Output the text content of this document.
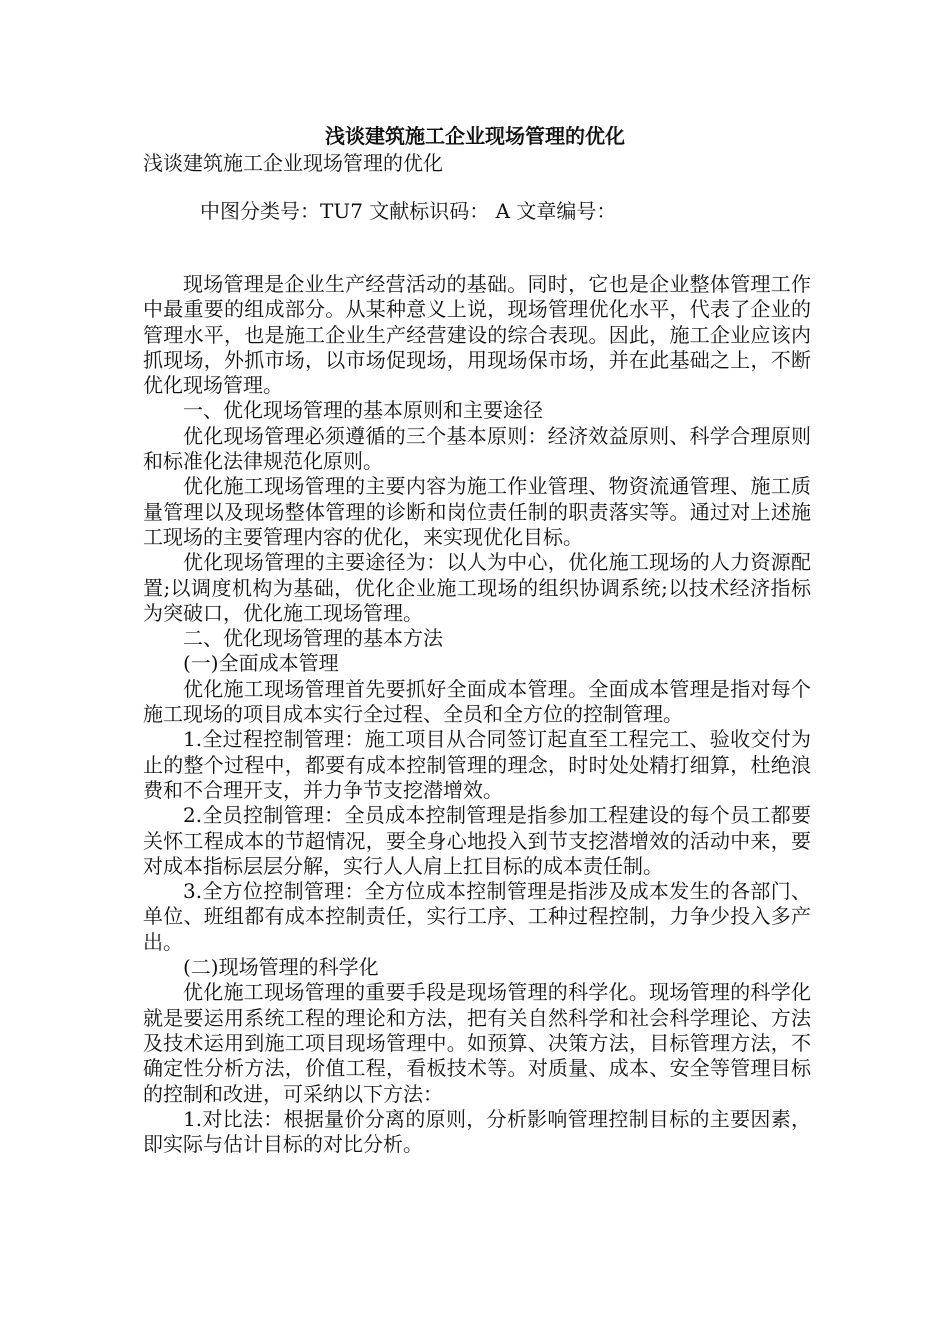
浅谈建筑施工企业现场管理的优化
浅谈建筑施工企业现场管理的优化
中图分类号：TU7 文献标识码： A 文章编号：

现场管理是企业生产经营活动的基础。同时，它也是企业整体管理工作中最重要的组成部分。从某种意义上说，现场管理优化水平，代表了企业的管理水平，也是施工企业生产经营建设的综合表现。因此，施工企业应该内抓现场，外抓市场，以市场促现场，用现场保市场，并在此基础之上，不断优化现场管理。

一、优化现场管理的基本原则和主要途径

优化现场管理必须遵循的三个基本原则：经济效益原则、科学合理原则和标准化法律规范化原则。

优化施工现场管理的主要内容为施工作业管理、物资流通管理、施工质量管理以及现场整体管理的诊断和岗位责任制的职责落实等。通过对上述施工现场的主要管理内容的优化，来实现优化目标。

优化现场管理的主要途径为：以人为中心，优化施工现场的人力资源配置;以调度机构为基础，优化企业施工现场的组织协调系统;以技术经济指标为突破口，优化施工现场管理。

二、优化现场管理的基本方法

(一)全面成本管理

优化施工现场管理首先要抓好全面成本管理。全面成本管理是指对每个施工现场的项目成本实行全过程、全员和全方位的控制管理。

1.全过程控制管理：施工项目从合同签订起直至工程完工、验收交付为止的整个过程中，都要有成本控制管理的理念，时时处处精打细算，杜绝浪费和不合理开支，并力争节支挖潜增效。

2.全员控制管理：全员成本控制管理是指参加工程建设的每个员工都要关怀工程成本的节超情况，要全身心地投入到节支挖潜增效的活动中来，要对成本指标层层分解，实行人人肩上扛目标的成本责任制。

3.全方位控制管理：全方位成本控制管理是指涉及成本发生的各部门、单位、班组都有成本控制责任，实行工序、工种过程控制，力争少投入多产出。

(二)现场管理的科学化

优化施工现场管理的重要手段是现场管理的科学化。现场管理的科学化就是要运用系统工程的理论和方法，把有关自然科学和社会科学理论、方法及技术运用到施工项目现场管理中。如预算、决策方法，目标管理方法，不确定性分析方法，价值工程，看板技术等。对质量、成本、安全等管理目标的控制和改进，可采纳以下方法：

1.对比法：根据量价分离的原则，分析影响管理控制目标的主要因素，即实际与估计目标的对比分析。
